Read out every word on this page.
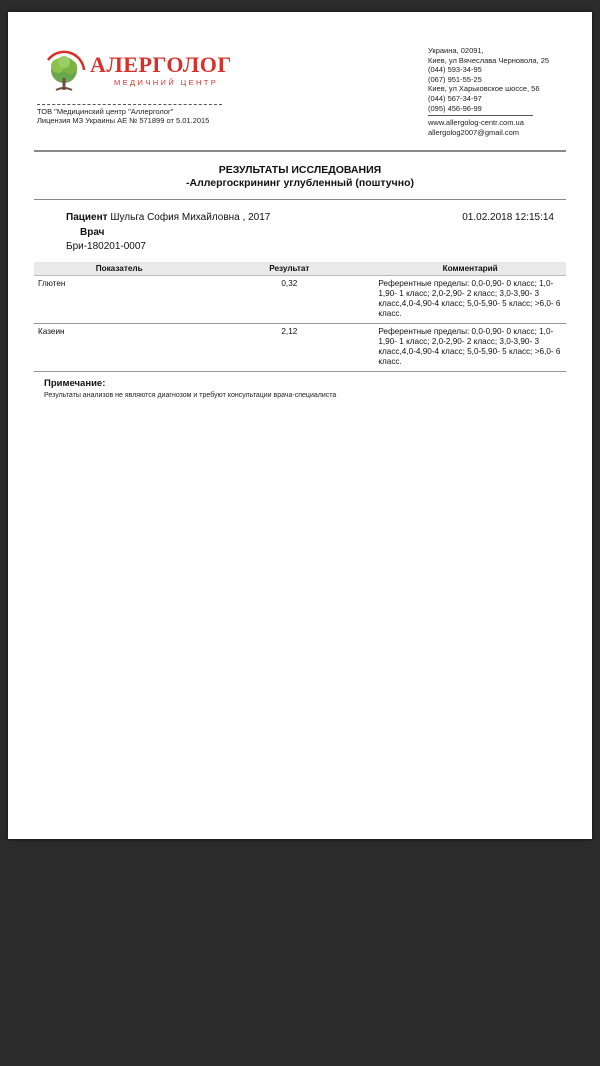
АЛЕРГОЛОГ
МЕДИЧНИЙ ЦЕНТР
ТОВ "Медицинский центр "Аллерголог"
Лицензия МЗ Украины АЕ № 571899 от 5.01.2015
Украина, 02091,
Киев, ул Вячеслава Черновола, 25
(044) 593-34-95
(067) 951-55-25
Киев, ул Харьковское шоссе, 56
(044) 567-34-97
(095) 456-96-99
www.allergolog-centr.com.ua
allergolog2007@gmail.com
РЕЗУЛЬТАТЫ ИССЛЕДОВАНИЯ
-Аллергоскрининг углубленный (поштучно)
Пациент Шульга София Михайловна , 2017	01.02.2018 12:15:14
Врач
Бри-180201-0007
Показатель	Результат	Комментарий
Глютен	0,32	Референтные пределы: 0,0-0,90- 0 класс; 1,0-1,90- 1 класс; 2,0-2,90- 2 класс; 3,0-3,90- 3 класс,4,0-4,90-4 класс; 5,0-5,90- 5 класс; >6,0- 6 класс.
Казеин	2,12	Референтные пределы: 0,0-0,90- 0 класс; 1,0-1,90- 1 класс; 2,0-2,90- 2 класс; 3,0-3,90- 3 класс,4,0-4,90-4 класс; 5,0-5,90- 5 класс; >6,0- 6 класс.
Примечание:
Результаты анализов не являются диагнозом и требуют консультации врача-специалиста
